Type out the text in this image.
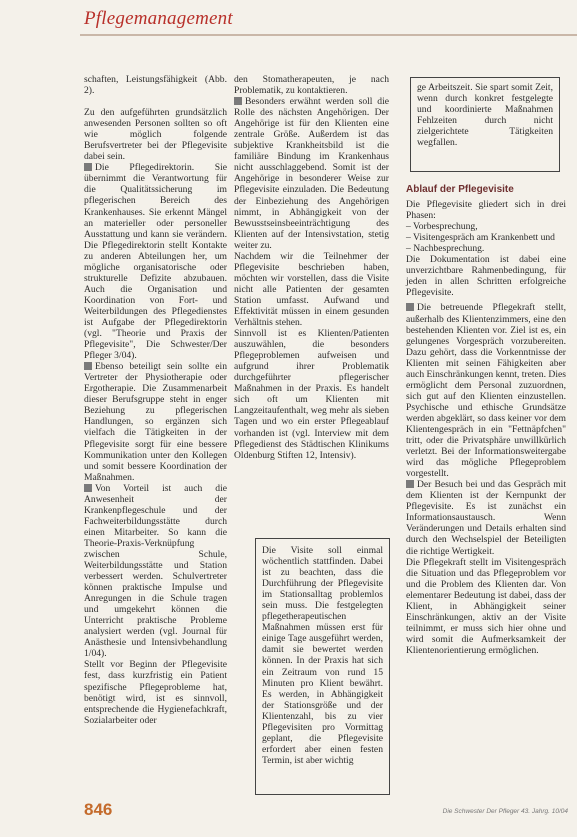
Pflegemanagement

schaften, Leistungsfähigkeit (Abb. 2).

Zu den aufgeführten grundsätzlich anwesenden Personen sollten so oft wie möglich folgende Berufsvertreter bei der Pflegevisite dabei sein.

Die Pflegedirektorin. Sie übernimmt die Verantwortung für die Qualitätssicherung im pflegerischen Bereich des Krankenhauses. Sie erkennt Mängel an materieller oder personeller Ausstattung und kann sie verändern. Die Pflegedirektorin stellt Kontakte zu anderen Abteilungen her, um mögliche organisatorische oder strukturelle Defizite abzubauen. Auch die Organisation und Koordination von Fort- und Weiterbildungen des Pflegedienstes ist Aufgabe der Pflegedirektorin (vgl. "Theorie und Praxis der Pflegevisite", Die Schwester/Der Pfleger 3/04).

Ebenso beteiligt sein sollte ein Vertreter der Physiotherapie oder Ergotherapie. Die Zusammenarbeit dieser Berufsgruppe steht in enger Beziehung zu pflegerischen Handlungen, so ergänzen sich vielfach die Tätigkeiten in der Pflegevisite sorgt für eine bessere Kommunikation unter den Kollegen und somit bessere Koordination der Maßnahmen.

Von Vorteil ist auch die Anwesenheit der Krankenpflegeschule und der Fachweiterbildungsstätte durch einen Mitarbeiter. So kann die Theorie-Praxis-Verknüpfung zwischen Schule, Weiterbildungsstätte und Station verbessert werden. Schulvertreter können praktische Impulse und Anregungen in die Schule tragen und umgekehrt können die Unterricht praktische Probleme analysiert werden (vgl. Journal für Anästhesie und Intensivbehandlung 1/04).

Stellt vor Beginn der Pflegevisite fest, dass kurzfristig ein Patient spezifische Pflegeprobleme hat, benötigt wird, ist es sinnvoll, entsprechende die Hygienefachkraft, Sozialarbeiter oder

den Stomatherapeuten, je nach Problematik, zu kontaktieren.

Besonders erwähnt werden soll die Rolle des nächsten Angehörigen. Der Angehörige ist für den Klienten eine zentrale Größe. Außerdem ist das subjektive Krankheitsbild ist die familiäre Bindung im Krankenhaus nicht ausschlaggebend. Somit ist der Angehörige in besonderer Weise zur Pflegevisite einzuladen. Die Bedeutung der Einbeziehung des Angehörigen nimmt, in Abhängigkeit von der Bewusstseinsbeeinträchtigung des Klienten auf der Intensivstation, stetig weiter zu.

Nachdem wir die Teilnehmer der Pflegevisite beschrieben haben, möchten wir vorstellen, dass die Visite nicht alle Patienten der gesamten Station umfasst. Aufwand und Effektivität müssen in einem gesunden Verhältnis stehen.

Sinnvoll ist es Klienten/Patienten auszuwählen, die besonders Pflegeproblemen aufweisen und aufgrund ihrer Problematik durchgeführter pflegerischer Maßnahmen in der Praxis. Es handelt sich oft um Klienten mit Langzeitaufenthalt, weg mehr als sieben Tagen und wo ein erster Pflegeablauf vorhanden ist (vgl. Interview mit dem Pflegedienst des Städtischen Klinikums Oldenburg Stiften 12, Intensiv).

Die Visite soll einmal wöchentlich stattfinden. Dabei ist zu beachten, dass die Durchführung der Pflegevisite im Stationsalltag problemlos sein muss. Die festgelegten pflegetherapeutischen Maßnahmen müssen erst für einige Tage ausgeführt werden, damit sie bewertet werden können. In der Praxis hat sich ein Zeitraum von rund 15 Minuten pro Klient bewährt. Es werden, in Abhängigkeit der Stationsgröße und der Klientenzahl, bis zu vier Pflegevisiten pro Vormittag geplant, die Pflegevisite erfordert aber einen festen Termin, ist aber wichtig
Ablauf der Pflegevisite

Die Pflegevisite gliedert sich in drei Phasen:

– Vorbesprechung,

– Visitengespräch am Krankenbett und

– Nachbesprechung.

Die Dokumentation ist dabei eine unverzichtbare Rahmenbedingung, für jeden in allen Schritten erfolgreiche Pflegevisite.

Die betreuende Pflegekraft stellt, außerhalb des Klientenzimmers, eine den bestehenden Klienten vor. Ziel ist es, ein gelungenes Vorgespräch vorzubereiten. Dazu gehört, dass die Vorkenntnisse der Klienten mit seinen Fähigkeiten aber auch Einschränkungen kennt, treten. Dies ermöglicht dem Personal zuzuordnen, sich gut auf den Klienten einzustellen. Psychische und ethische Grundsätze werden abgeklärt, so dass keiner vor dem Klientengespräch in ein "Fettnäpfchen" tritt, oder die Privatsphäre unwillkürlich verletzt. Bei der Informationsweitergabe wird das mögliche Pflegeproblem vorgestellt.

Der Besuch bei und das Gespräch mit dem Klienten ist der Kernpunkt der Pflegevisite. Es ist zunächst ein Informationsaustausch. Wenn Veränderungen und Details erhalten sind durch den Wechselspiel der Beteiligten die richtige Wertigkeit.

Die Pflegekraft stellt im Visitengespräch die Situation und das Pflegeproblem vor und die Problem des Klienten dar. Von elementarer Bedeutung ist dabei, dass der Klient, in Abhängigkeit seiner Einschränkungen, aktiv an der Visite teilnimmt, er muss sich hier ohne und wird somit die Aufmerksamkeit der Klientenorientierung ermöglichen.

ge Arbeitszeit. Sie spart somit Zeit, wenn durch konkret festgelegte und koordinierte Maßnahmen Fehlzeiten durch nicht zielgerichtete Tätigkeiten wegfallen.
846	Die Schwester Der Pfleger 43. Jahrg. 10/04
